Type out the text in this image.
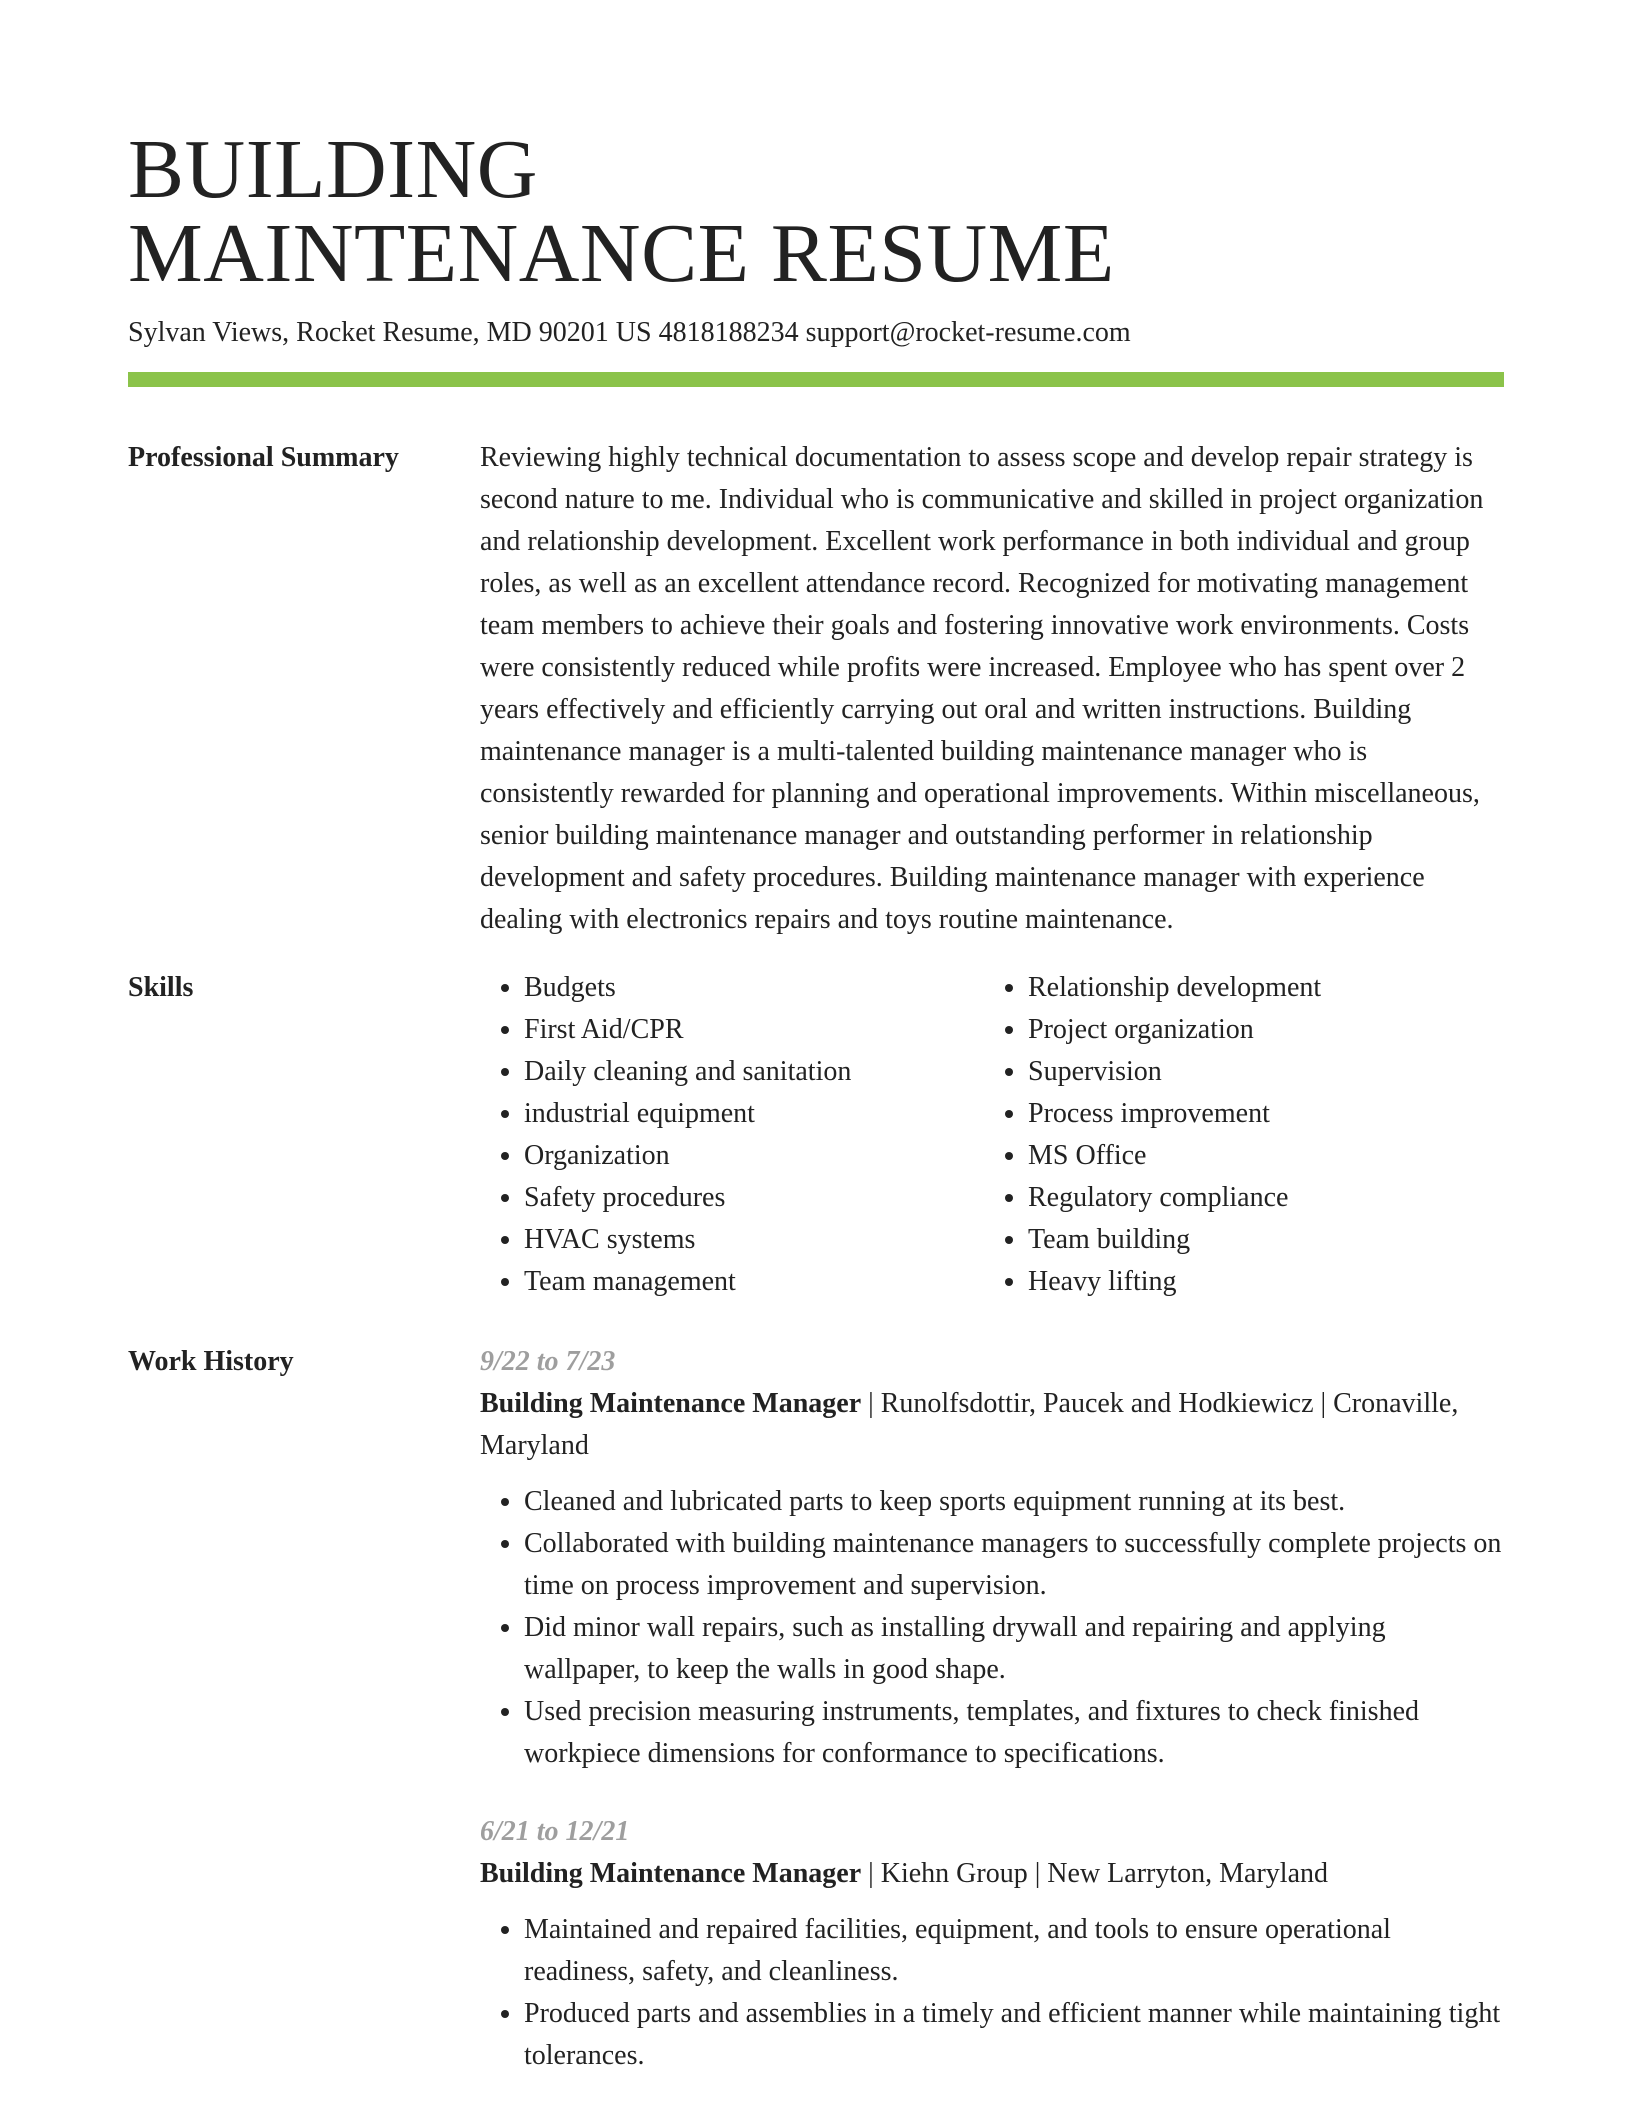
BUILDING
MAINTENANCE RESUME
Sylvan Views, Rocket Resume, MD 90201 US 4818188234 support@rocket-resume.com
Professional Summary	Reviewing highly technical documentation to assess scope and develop repair strategy is second nature to me. Individual who is communicative and skilled in project organization and relationship development. Excellent work performance in both individual and group roles, as well as an excellent attendance record. Recognized for motivating management team members to achieve their goals and fostering innovative work environments. Costs were consistently reduced while profits were increased. Employee who has spent over 2 years effectively and efficiently carrying out oral and written instructions. Building maintenance manager is a multi-talented building maintenance manager who is consistently rewarded for planning and operational improvements. Within miscellaneous, senior building maintenance manager and outstanding performer in relationship development and safety procedures. Building maintenance manager with experience dealing with electronics repairs and toys routine maintenance.

Skills
•	Budgets
• First Aid/CPR
• Daily cleaning and sanitation
• industrial equipment
• Organization
• Safety procedures
• HVAC systems
• Team management
• Relationship development
• Project organization
• Supervision
• Process improvement
• MS Office
• Regulatory compliance
• Team building
• Heavy lifting
Work History	9/22 to 7/23
Building Maintenance Manager | Runolfsdottir, Paucek and Hodkiewicz | Cronaville, Maryland
• Cleaned and lubricated parts to keep sports equipment running at its best.
• Collaborated with building maintenance managers to successfully complete projects on time on process improvement and supervision.
• Did minor wall repairs, such as installing drywall and repairing and applying wallpaper, to keep the walls in good shape.
• Used precision measuring instruments, templates, and fixtures to check finished workpiece dimensions for conformance to specifications.
6/21 to 12/21
Building Maintenance Manager | Kiehn Group | New Larryton, Maryland
• Maintained and repaired facilities, equipment, and tools to ensure operational readiness, safety, and cleanliness.
• Produced parts and assemblies in a timely and efficient manner while maintaining tight tolerances.
